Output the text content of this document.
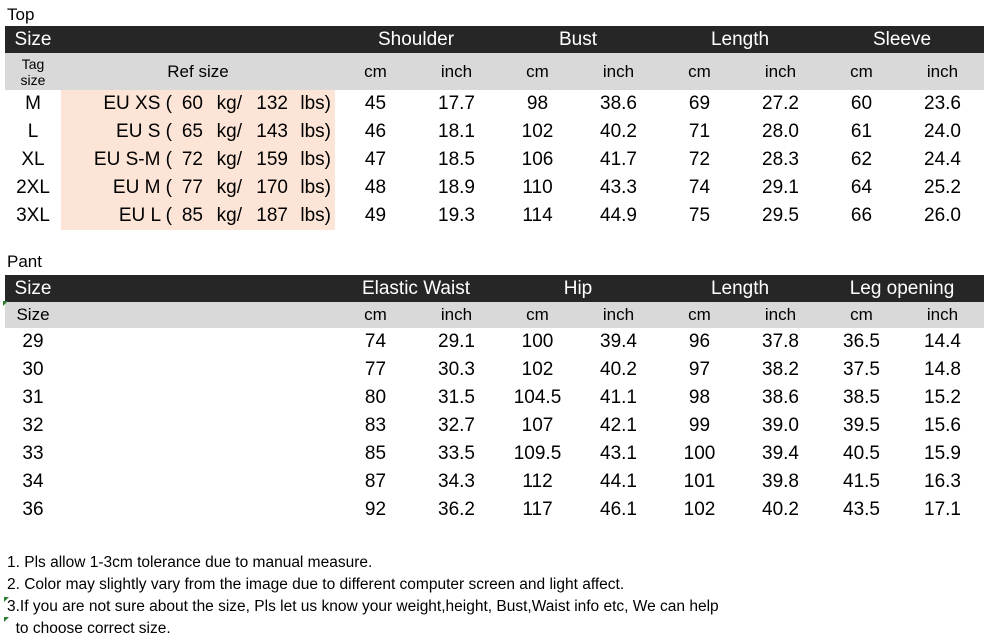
Top
Size	Shoulder	Bust	Length	Sleeve
Tag
size	Ref size	cm	inch	cm	inch	cm	inch	cm	inch
M	EU XS ( 60 kg/ 132 lbs)	45	17.7	98	38.6	69	27.2	60	23.6
L	EU S ( 65 kg/ 143 lbs)	46	18.1	102	40.2	71	28.0	61	24.0
XL	EU S-M ( 72 kg/ 159 lbs)	47	18.5	106	41.7	72	28.3	62	24.4
2XL	EU M ( 77 kg/ 170 lbs)	48	18.9	110	43.3	74	29.1	64	25.2
3XL	EU L ( 85 kg/ 187 lbs)	49	19.3	114	44.9	75	29.5	66	26.0
Pant
Size	Elastic Waist	Hip	Length	Leg opening
Size	cm	inch	cm	inch	cm	inch	cm	inch
29	74	29.1	100	39.4	96	37.8	36.5	14.4
30	77	30.3	102	40.2	97	38.2	37.5	14.8
31	80	31.5	104.5	41.1	98	38.6	38.5	15.2
32	83	32.7	107	42.1	99	39.0	39.5	15.6
33	85	33.5	109.5	43.1	100	39.4	40.5	15.9
34	87	34.3	112	44.1	101	39.8	41.5	16.3
36	92	36.2	117	46.1	102	40.2	43.5	17.1
1. Pls allow 1-3cm tolerance due to manual measure.
2. Color may slightly vary from the image due to different computer screen and light affect.
3.If you are not sure about the size, Pls let us know your weight,height, Bust,Waist info etc, We can help
to choose correct size.
